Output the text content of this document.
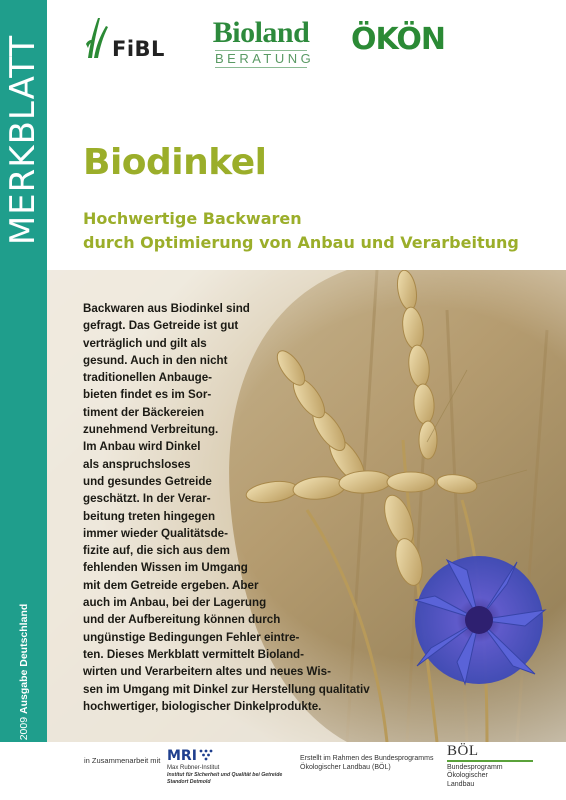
MERKBLATT
2009 Ausgabe Deutschland
FiBL Bioland
BERATUNG
ÖKÖN
Biodinkel
Hochwertige Backwaren
durch Optimierung von Anbau und Verarbeitung
Backwaren aus Biodinkel sind
gefragt. Das Getreide ist gut
verträglich und gilt als
gesund. Auch in den nicht
traditionellen Anbauge-
bieten findet es im Sor-
timent der Bäckereien
zunehmend Verbreitung.
Im Anbau wird Dinkel
als anspruchsloses
und gesundes Getreide
geschätzt. In der Verar-
beitung treten hingegen
immer wieder Qualitätsde-
fizite auf, die sich aus dem
fehlenden Wissen im Umgang
mit dem Getreide ergeben. Aber
auch im Anbau, bei der Lagerung
und der Aufbereitung können durch
ungünstige Bedingungen Fehler eintre-
ten. Dieses Merkblatt vermittelt Bioland-
wirten und Verarbeitern altes und neues Wis-
sen im Umgang mit Dinkel zur Herstellung qualitativ
hochwertiger, biologischer Dinkelprodukte.
in Zusammenarbeit mit MRI
Max Rubner-Institut
Institut für Sicherheit und Qualität bei Getreide
Standort Detmold
Erstellt im Rahmen des Bundesprogramms
Ökologischer Landbau (BÖL)
BÖL
Bundesprogramm
Ökologischer
Landbau
